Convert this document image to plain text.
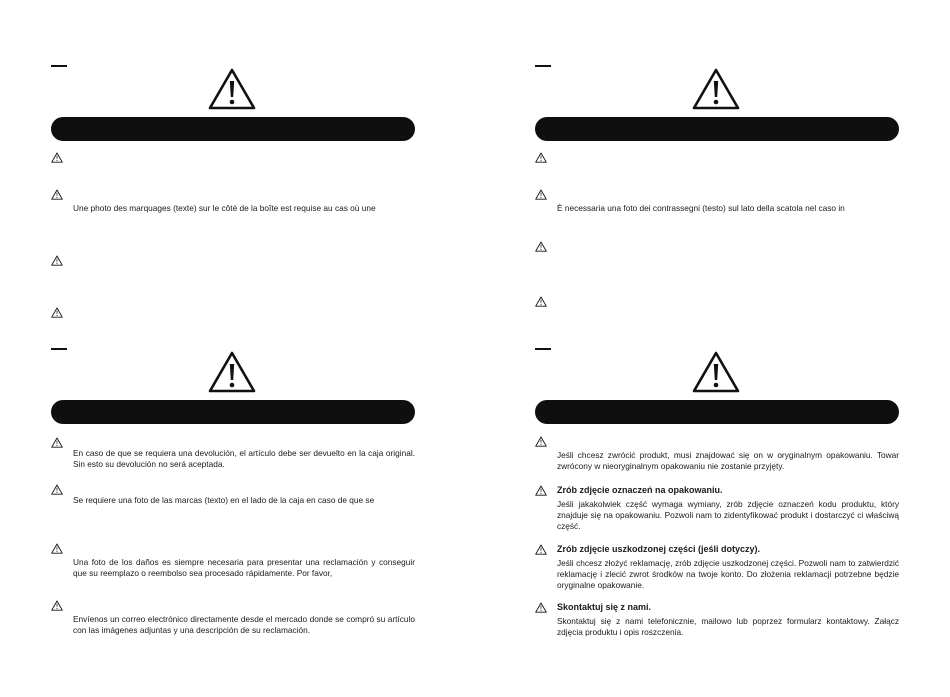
Une photo des marquages (texte) sur le côté de la boîte est requise au cas où une	È necessaria una foto dei contrassegni (testo) sul lato della scatola nel caso in
En caso de que se requiera una devolución, el artículo debe ser devuelto en la caja original. Sin esto su devolución no será aceptada.
Se requiere una foto de las marcas (texto) en el lado de la caja en caso de que se
Una foto de los daños es siempre necesaria para presentar una reclamación y conseguir que su reemplazo o reembolso sea procesado rápidamente. Por favor,
Envíenos un correo electrónico directamente desde el mercado donde se compró su artículo con las imágenes adjuntas y una descripción de su reclamación.
Jeśli chcesz zwrócić produkt, musi znajdować się on w oryginalnym opakowaniu. Towar zwrócony w nieoryginalnym opakowaniu nie zostanie przyjęty.
Zrób zdjęcie oznaczeń na opakowaniu.
Jeśli jakakolwiek część wymaga wymiany, zrób zdjęcie oznaczeń kodu produktu, który znajduje się na opakowaniu. Pozwoli nam to zidentyfikować produkt i dostarczyć ci właściwą część.
Zrób zdjęcie uszkodzonej części (jeśli dotyczy).
Jeśli chcesz złożyć reklamację, zrób zdjęcie uszkodzonej części. Pozwoli nam to zatwierdzić reklamację i zlecić zwrot środków na twoje konto. Do złożenia reklamacji potrzebne będzie oryginalne opakowanie.
Skontaktuj się z nami.
Skontaktuj się z nami telefonicznie, mailowo lub poprzez formularz kontaktowy. Załącz zdjęcia produktu i opis roszczenia.
